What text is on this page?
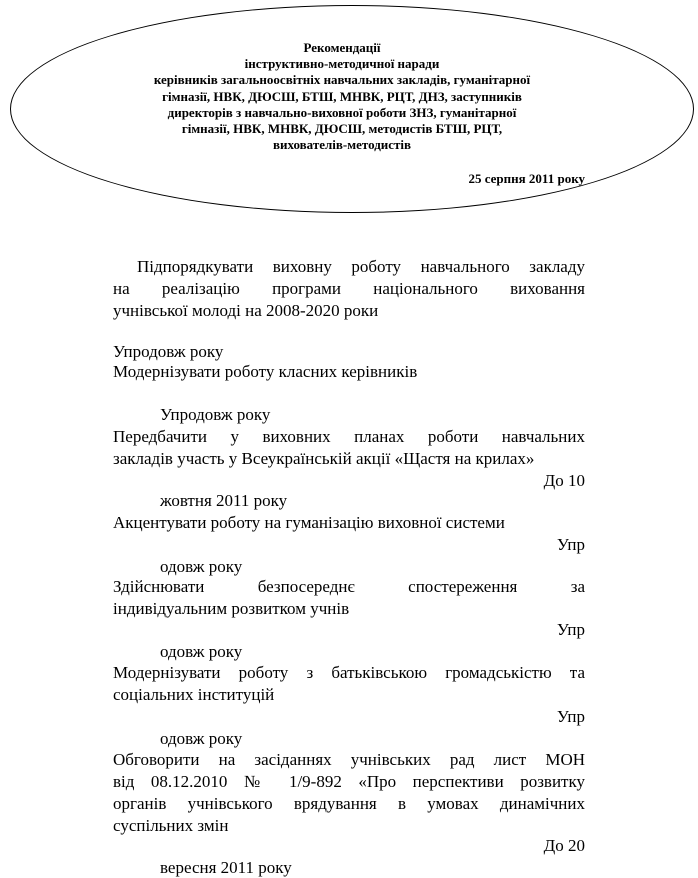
Рекомендації
інструктивно-методичної наради
керівників загальноосвітніх навчальних закладів, гуманітарної
гімназії, НВК, ДЮСШ, БТШ, МНВК, РЦТ, ДНЗ, заступників
директорів з навчально-виховної роботи ЗНЗ, гуманітарної
гімназії, НВК, МНВК, ДЮСШ, методистів БТШ, РЦТ,
вихователів-методистів
25 серпня 2011 року
Підпорядкувати виховну роботу навчального закладу
на реалізацію програми національного виховання
учнівської молоді на 2008-2020 роки
Упродовж року
Модернізувати роботу класних керівників
Упродовж року
Передбачити у виховних планах роботи навчальних
закладів участь у Всеукраїнській акції «Щастя на крилах»
До 10
жовтня 2011 року
Акцентувати роботу на гуманізацію виховної системи
Упр
одовж року
Здійснювати безпосереднє спостереження за
індивідуальним розвитком учнів
Упр
одовж року
Модернізувати роботу з батьківською громадськістю та
соціальних інституцій
Упр
одовж року
Обговорити на засіданнях учнівських рад лист МОН
від 08.12.2010 № 1/9-892 «Про перспективи розвитку
органів учнівського врядування в умовах динамічних
суспільних змін
До 20
вересня 2011 року
